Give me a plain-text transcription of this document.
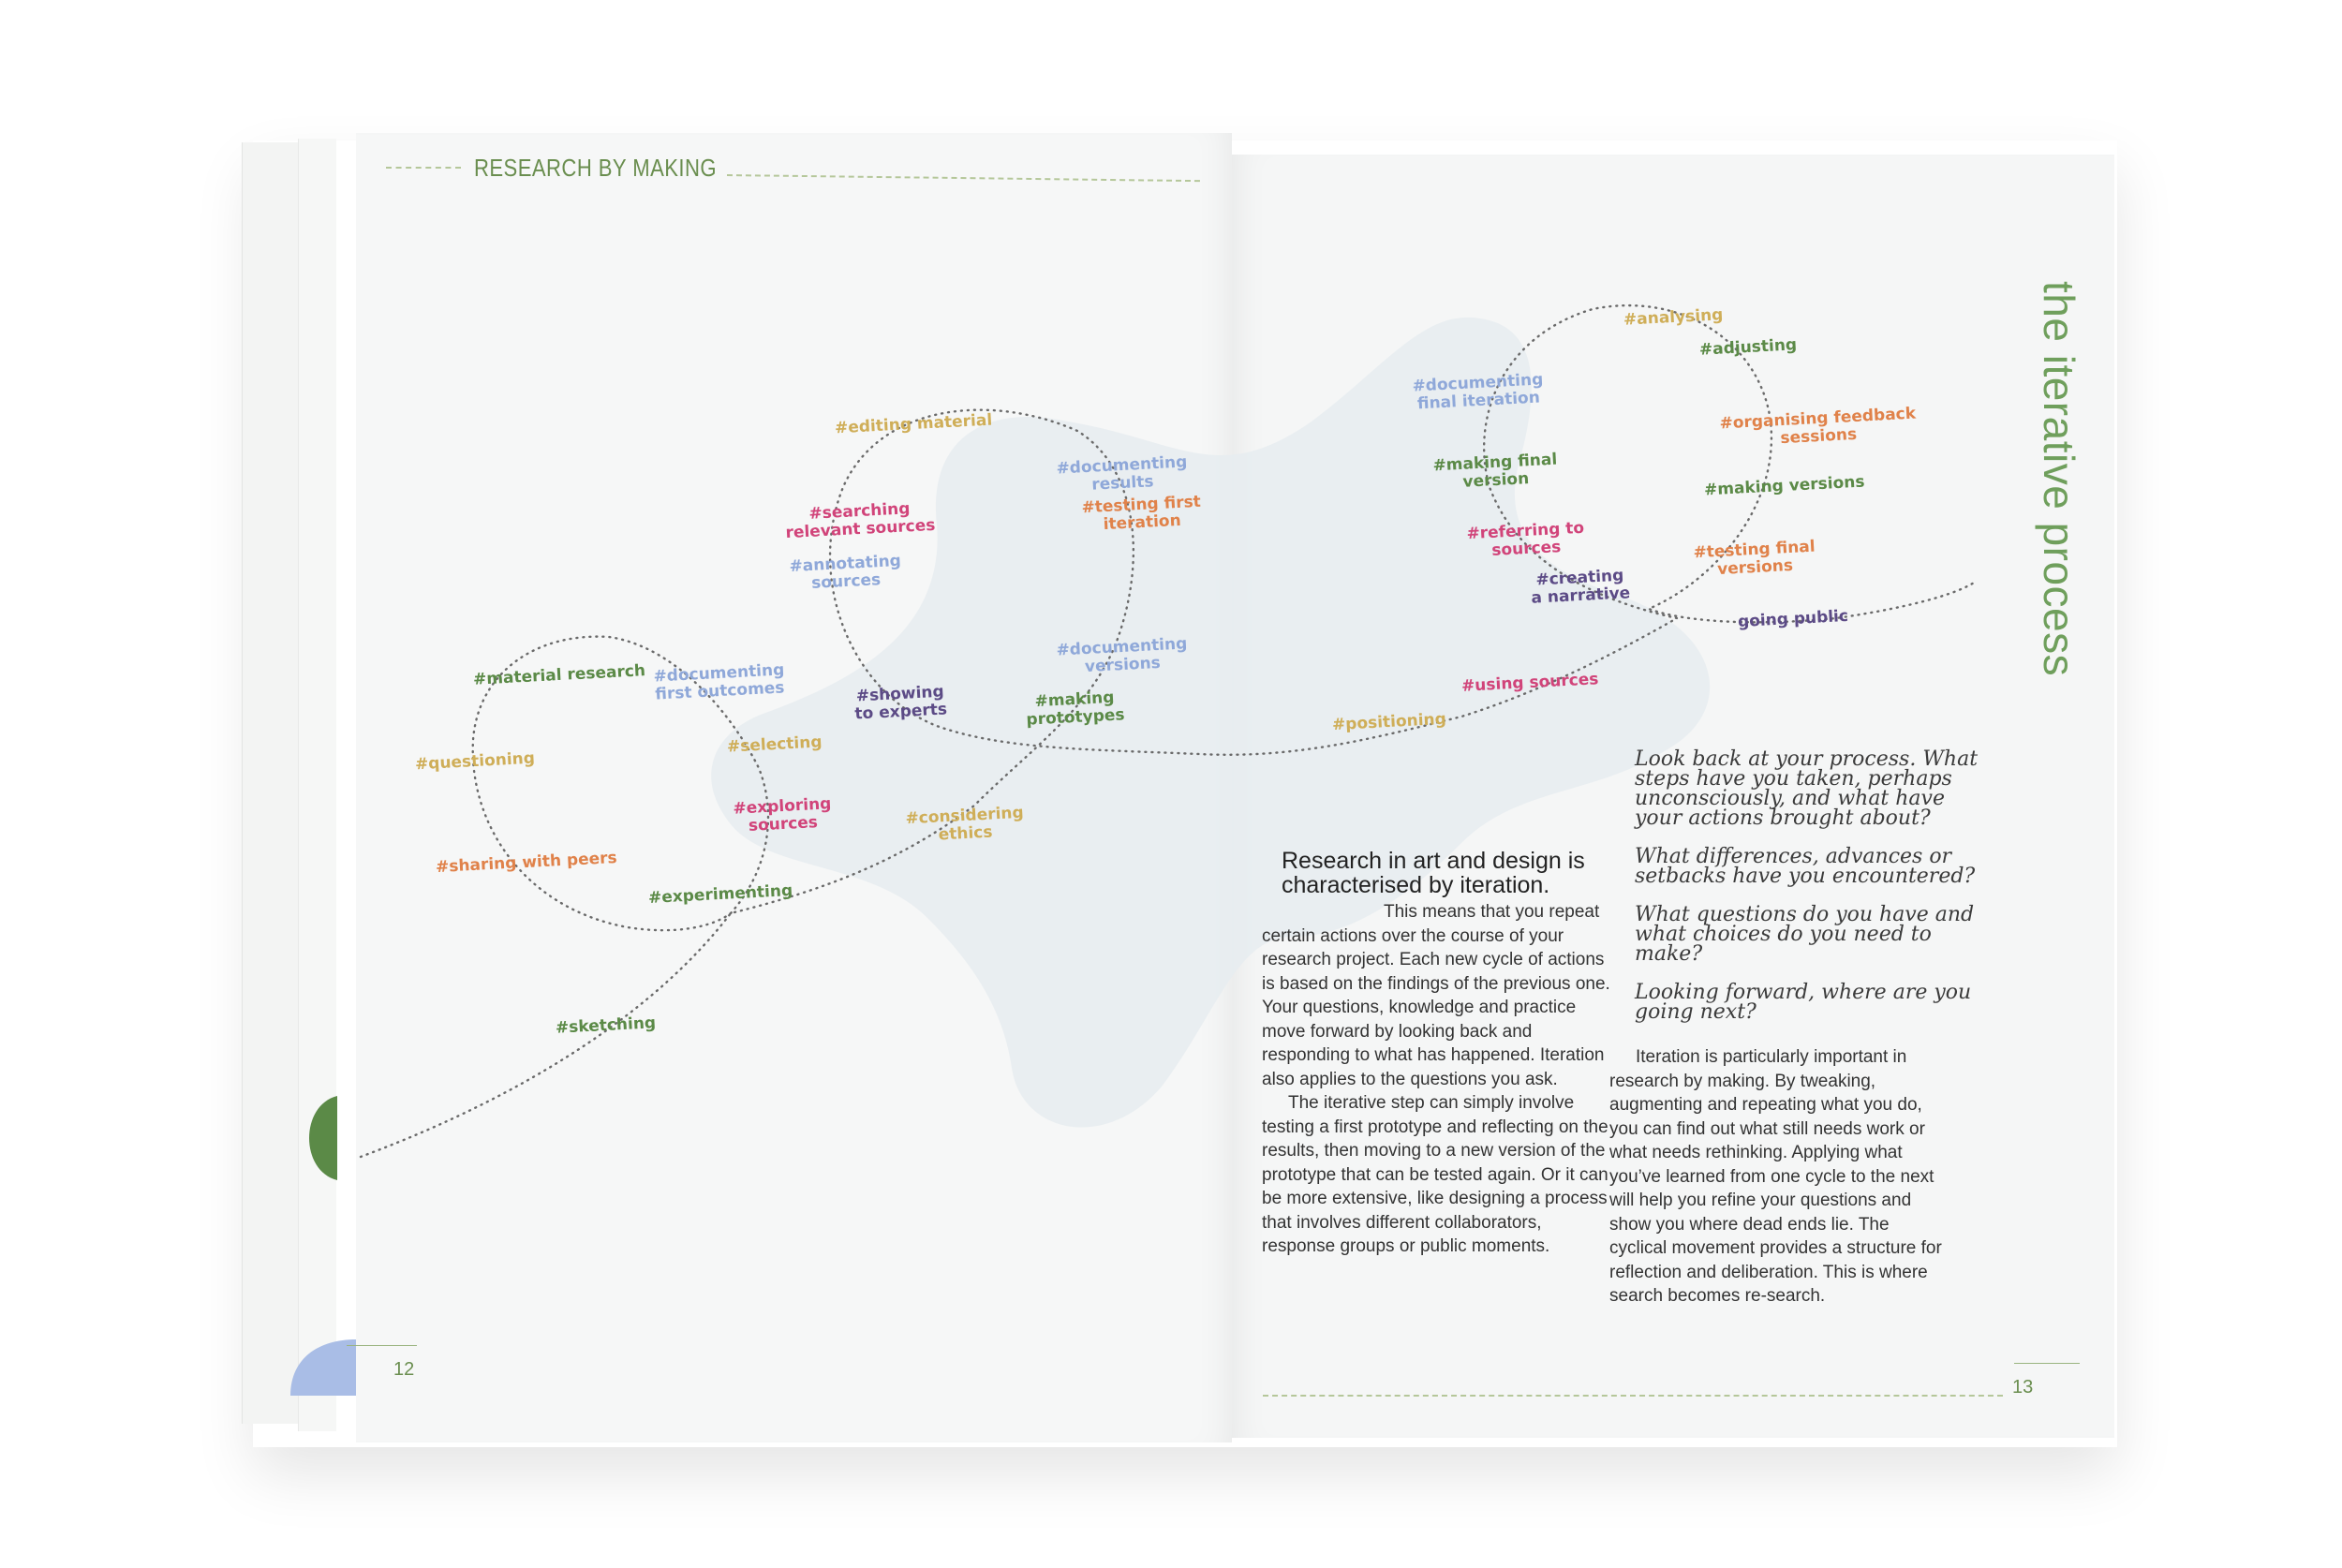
RESEARCH BY MAKING
#material research #documenting
first outcomes
#questioning
#selecting
#exploring
sources
#sharing with peers
#experimenting
#sketching
#considering
ethics
#editing material
#searching
relevant sources
#annotating
sources
#showing
to experts
#documenting
results
#testing first
iteration
#documenting
versions
#making
prototypes	#positioning
#using sources
#analysing
#adjusting
#documenting
final iteration
#organising feedback
sessions
#making final
version	#making versions
#referring to
sources	#testing final
versions
#creating
a narrative
going public	the iterative process

Look back at your process. What steps have you taken, perhaps unconsciously, and what have your actions brought about?

What differences, advances or setbacks have you encountered?

What questions do you have and what choices do you need to make?

Looking forward, where are you going next?

Research in art and design is characterised by iteration.
This means that you repeat certain actions over the course of your research project. Each new cycle of actions is based on the findings of the previous one. Your questions, knowledge and practice move forward by looking back and responding to what has happened. Iteration also applies to the questions you ask.
The iterative step can simply involve testing a first prototype and reflecting on the results, then moving to a new version of the prototype that can be tested again. Or it can be more extensive, like designing a process that involves different collaborators, response groups or public moments.
Iteration is particularly important in research by making. By tweaking, augmenting and repeating what you do, you can find out what still needs work or what needs rethinking. Applying what you’ve learned from one cycle to the next will help you refine your questions and show you where dead ends lie. The cyclical movement provides a structure for reflection and deliberation. This is where search becomes re-search.
12
13
